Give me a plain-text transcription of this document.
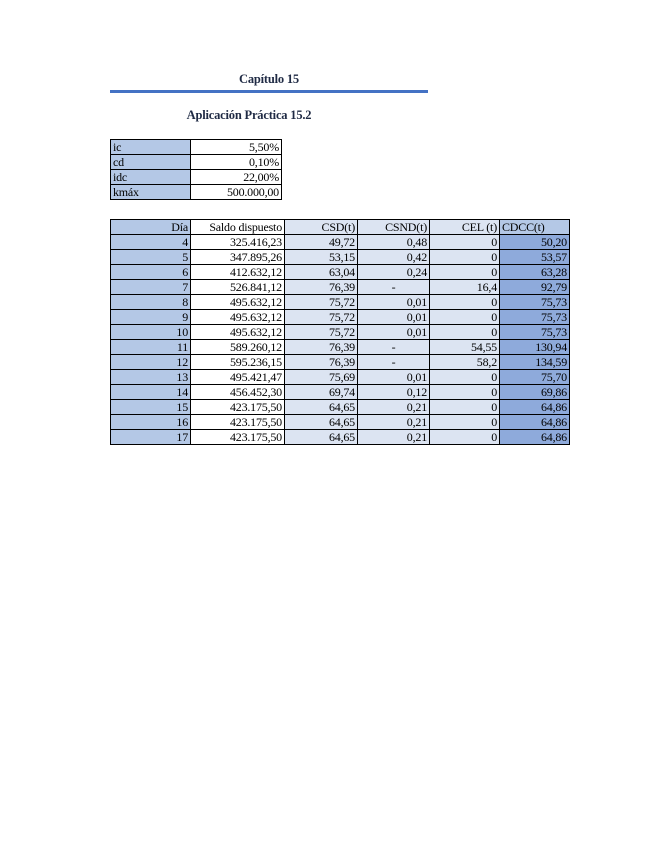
Capítulo 15
Aplicación Práctica 15.2
ic	5,50%
cd	0,10%
idc	22,00%
kmáx	500.000,00
Día	Saldo dispuesto	CSD(t)	CSND(t)	CEL (t)	CDCC(t)
4	325.416,23	49,72	0,48	0	50,20
5	347.895,26	53,15	0,42	0	53,57
6	412.632,12	63,04	0,24	0	63,28
7	526.841,12	76,39	-	16,4	92,79
8	495.632,12	75,72	0,01	0	75,73
9	495.632,12	75,72	0,01	0	75,73
10	495.632,12	75,72	0,01	0	75,73
11	589.260,12	76,39	-	54,55	130,94
12	595.236,15	76,39	-	58,2	134,59
13	495.421,47	75,69	0,01	0	75,70
14	456.452,30	69,74	0,12	0	69,86
15	423.175,50	64,65	0,21	0	64,86
16	423.175,50	64,65	0,21	0	64,86
17	423.175,50	64,65	0,21	0	64,86
